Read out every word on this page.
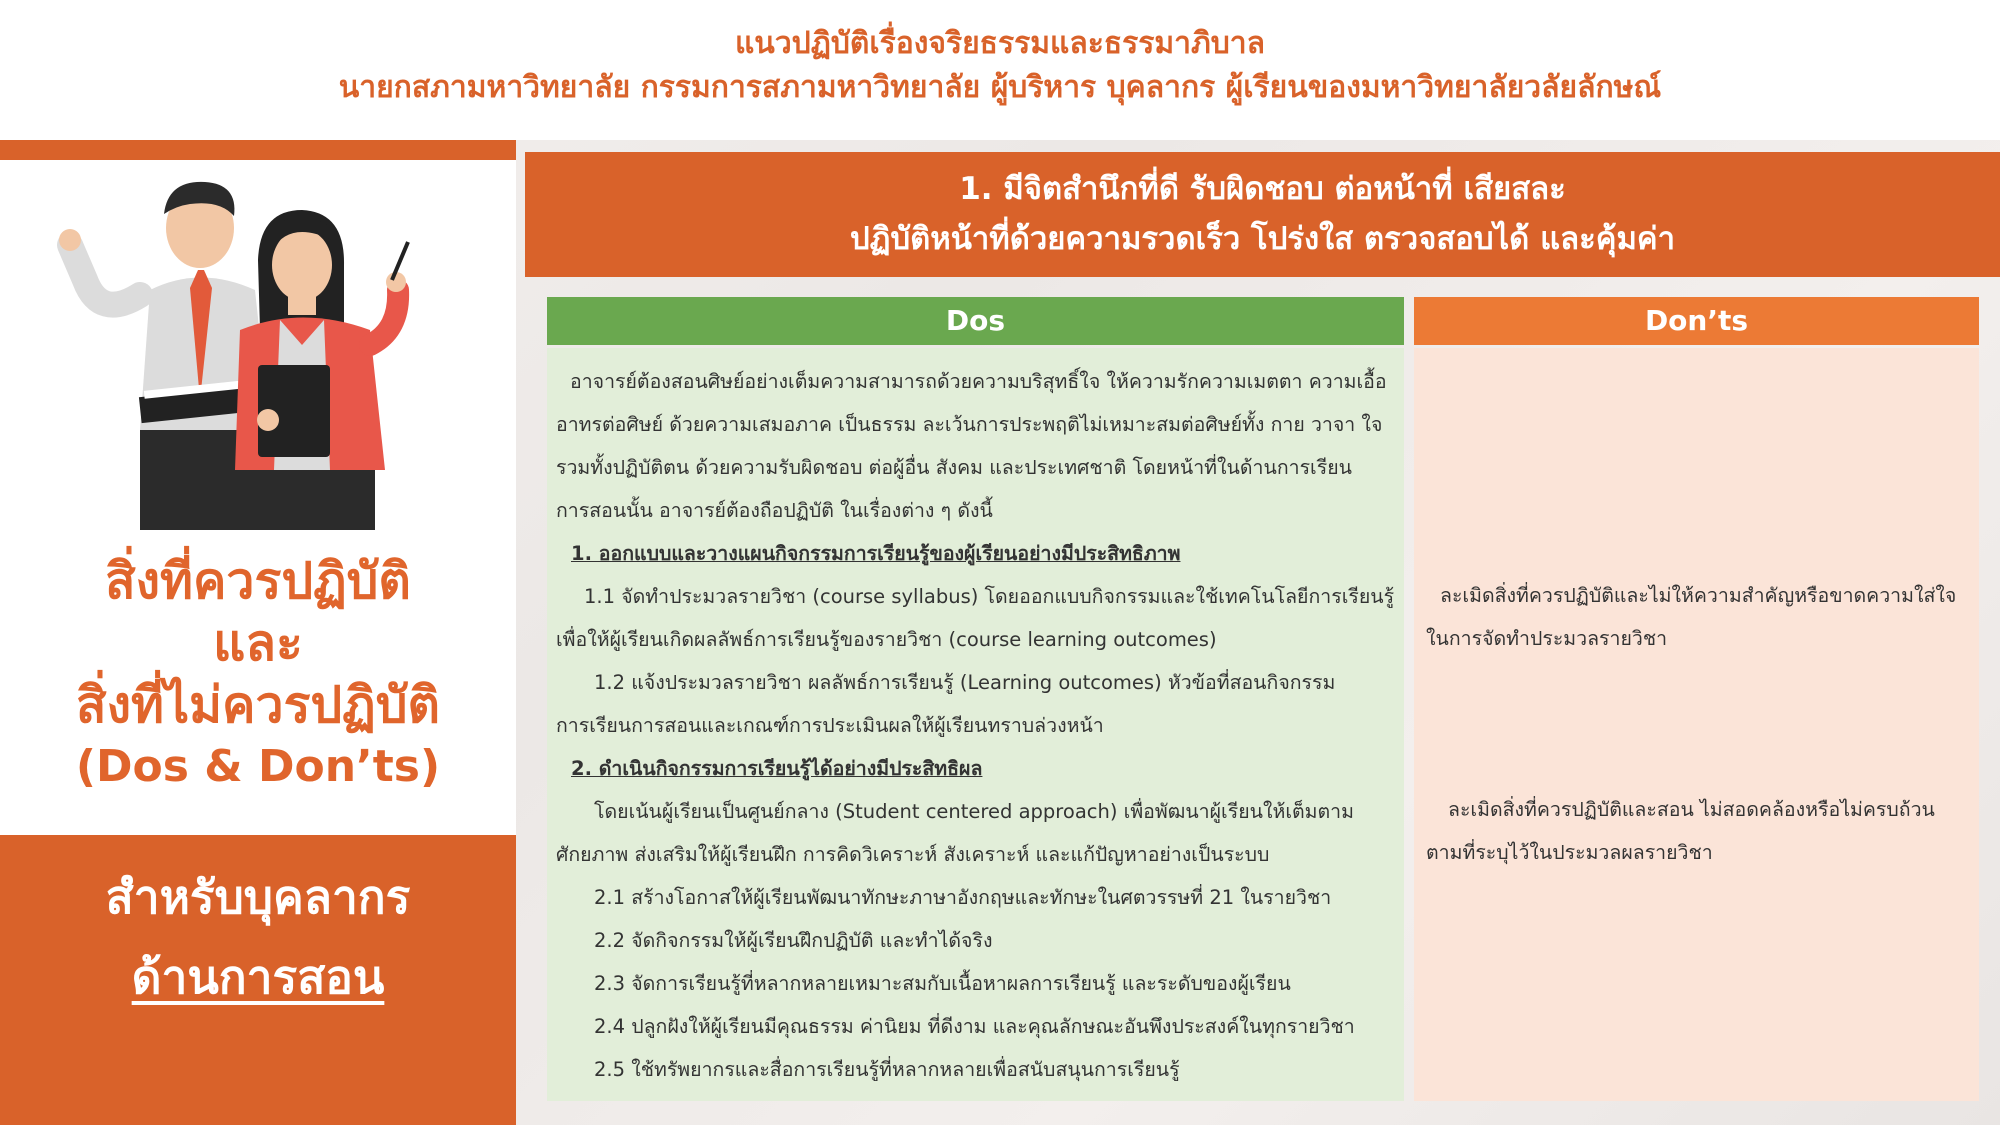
แนวปฏิบัติเรื่องจริยธรรมและธรรมาภิบาล
นายกสภามหาวิทยาลัย กรรมการสภามหาวิทยาลัย ผู้บริหาร บุคลากร ผู้เรียนของมหาวิทยาลัยวลัยลักษณ์
สิ่งที่ควรปฏิบัติ
และ
สิ่งที่ไม่ควรปฏิบัติ
(Dos & Don’ts)
สำหรับบุคลากร
ด้านการสอน
1. มีจิตสำนึกที่ดี รับผิดชอบ ต่อหน้าที่ เสียสละ
ปฏิบัติหน้าที่ด้วยความรวดเร็ว โปร่งใส ตรวจสอบได้ และคุ้มค่า
Dos	Don’ts

อาจารย์ต้องสอนศิษย์อย่างเต็มความสามารถด้วยความบริสุทธิ์ใจ ให้ความรักความเมตตา ความเอื้อ

อาทรต่อศิษย์ ด้วยความเสมอภาค เป็นธรรม ละเว้นการประพฤติไม่เหมาะสมต่อศิษย์ทั้ง กาย วาจา ใจ

รวมทั้งปฏิบัติตน ด้วยความรับผิดชอบ ต่อผู้อื่น สังคม และประเทศชาติ โดยหน้าที่ในด้านการเรียน

การสอนนั้น อาจารย์ต้องถือปฏิบัติ ในเรื่องต่าง ๆ ดังนี้

1. ออกแบบและวางแผนกิจกรรมการเรียนรู้ของผู้เรียนอย่างมีประสิทธิภาพ

1.1 จัดทำประมวลรายวิชา (course syllabus) โดยออกแบบกิจกรรมและใช้เทคโนโลยีการเรียนรู้

เพื่อให้ผู้เรียนเกิดผลลัพธ์การเรียนรู้ของรายวิชา (course learning outcomes)

1.2 แจ้งประมวลรายวิชา ผลลัพธ์การเรียนรู้ (Learning outcomes) หัวข้อที่สอนกิจกรรม

การเรียนการสอนและเกณฑ์การประเมินผลให้ผู้เรียนทราบล่วงหน้า

2. ดำเนินกิจกรรมการเรียนรู้ได้อย่างมีประสิทธิผล

โดยเน้นผู้เรียนเป็นศูนย์กลาง (Student centered approach) เพื่อพัฒนาผู้เรียนให้เต็มตาม

ศักยภาพ ส่งเสริมให้ผู้เรียนฝึก การคิดวิเคราะห์ สังเคราะห์ และแก้ปัญหาอย่างเป็นระบบ

2.1 สร้างโอกาสให้ผู้เรียนพัฒนาทักษะภาษาอังกฤษและทักษะในศตวรรษที่ 21 ในรายวิชา

2.2 จัดกิจกรรมให้ผู้เรียนฝึกปฏิบัติ และทำได้จริง

2.3 จัดการเรียนรู้ที่หลากหลายเหมาะสมกับเนื้อหาผลการเรียนรู้ และระดับของผู้เรียน

2.4 ปลูกฝังให้ผู้เรียนมีคุณธรรม ค่านิยม ที่ดีงาม และคุณลักษณะอันพึงประสงค์ในทุกรายวิชา

2.5 ใช้ทรัพยากรและสื่อการเรียนรู้ที่หลากหลายเพื่อสนับสนุนการเรียนรู้

ละเมิดสิ่งที่ควรปฏิบัติและไม่ให้ความสำคัญหรือขาดความใส่ใจ

ในการจัดทำประมวลรายวิชา

ละเมิดสิ่งที่ควรปฏิบัติและสอน ไม่สอดคล้องหรือไม่ครบถ้วน

ตามที่ระบุไว้ในประมวลผลรายวิชา
